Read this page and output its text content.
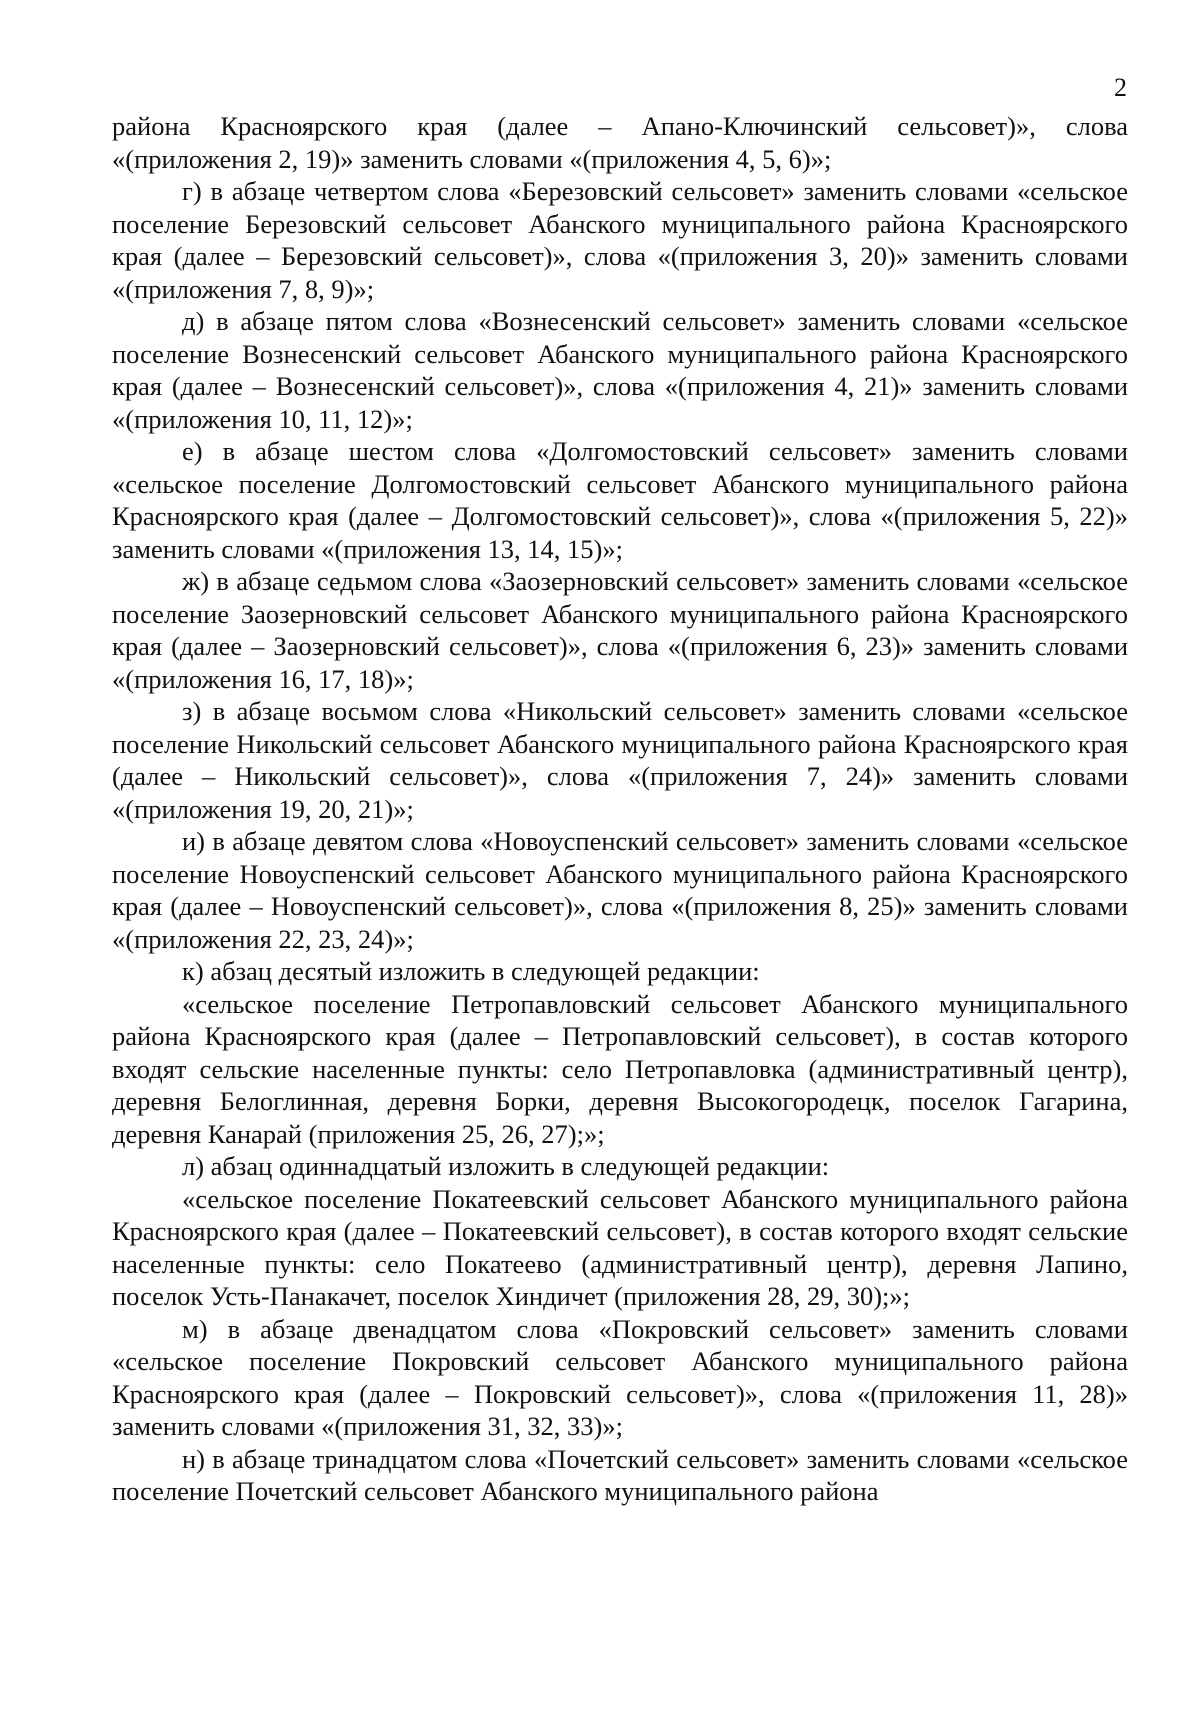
2

района Красноярского края (далее – Апано-Ключинский сельсовет)», слова «(приложения 2, 19)» заменить словами «(приложения 4, 5, 6)»;

г) в абзаце четвертом слова «Березовский сельсовет» заменить словами «сельское поселение Березовский сельсовет Абанского муниципального района Красноярского края (далее – Березовский сельсовет)», слова «(приложения 3, 20)» заменить словами «(приложения 7, 8, 9)»;

д) в абзаце пятом слова «Вознесенский сельсовет» заменить словами «сельское поселение Вознесенский сельсовет Абанского муниципального района Красноярского края (далее – Вознесенский сельсовет)», слова «(приложения 4, 21)» заменить словами «(приложения 10, 11, 12)»;

е) в абзаце шестом слова «Долгомостовский сельсовет» заменить словами «сельское поселение Долгомостовский сельсовет Абанского муниципального района Красноярского края (далее – Долгомостовский сельсовет)», слова «(приложения 5, 22)» заменить словами «(приложения 13, 14, 15)»;

ж) в абзаце седьмом слова «Заозерновский сельсовет» заменить словами «сельское поселение Заозерновский сельсовет Абанского муниципального района Красноярского края (далее – Заозерновский сельсовет)», слова «(приложения 6, 23)» заменить словами «(приложения 16, 17, 18)»;

з) в абзаце восьмом слова «Никольский сельсовет» заменить словами «сельское поселение Никольский сельсовет Абанского муниципального района Красноярского края (далее – Никольский сельсовет)», слова «(приложения 7, 24)» заменить словами «(приложения 19, 20, 21)»;

и) в абзаце девятом слова «Новоуспенский сельсовет» заменить словами «сельское поселение Новоуспенский сельсовет Абанского муниципального района Красноярского края (далее – Новоуспенский сельсовет)», слова «(приложения 8, 25)» заменить словами «(приложения 22, 23, 24)»;

к) абзац десятый изложить в следующей редакции:

«сельское поселение Петропавловский сельсовет Абанского муниципального района Красноярского края (далее – Петропавловский сельсовет), в состав которого входят сельские населенные пункты: село Петропавловка (административный центр), деревня Белоглинная, деревня Борки, деревня Высокогородецк, поселок Гагарина, деревня Канарай (приложения 25, 26, 27);»;

л) абзац одиннадцатый изложить в следующей редакции:

«сельское поселение Покатеевский сельсовет Абанского муниципального района Красноярского края (далее – Покатеевский сельсовет), в состав которого входят сельские населенные пункты: село Покатеево (административный центр), деревня Лапино, поселок Усть-Панакачет, поселок Хиндичет (приложения 28, 29, 30);»;

м) в абзаце двенадцатом слова «Покровский сельсовет» заменить словами «сельское поселение Покровский сельсовет Абанского муниципального района Красноярского края (далее – Покровский сельсовет)», слова «(приложения 11, 28)» заменить словами «(приложения 31, 32, 33)»;

н) в абзаце тринадцатом слова «Почетский сельсовет» заменить словами «сельское поселение Почетский сельсовет Абанского муниципального района
